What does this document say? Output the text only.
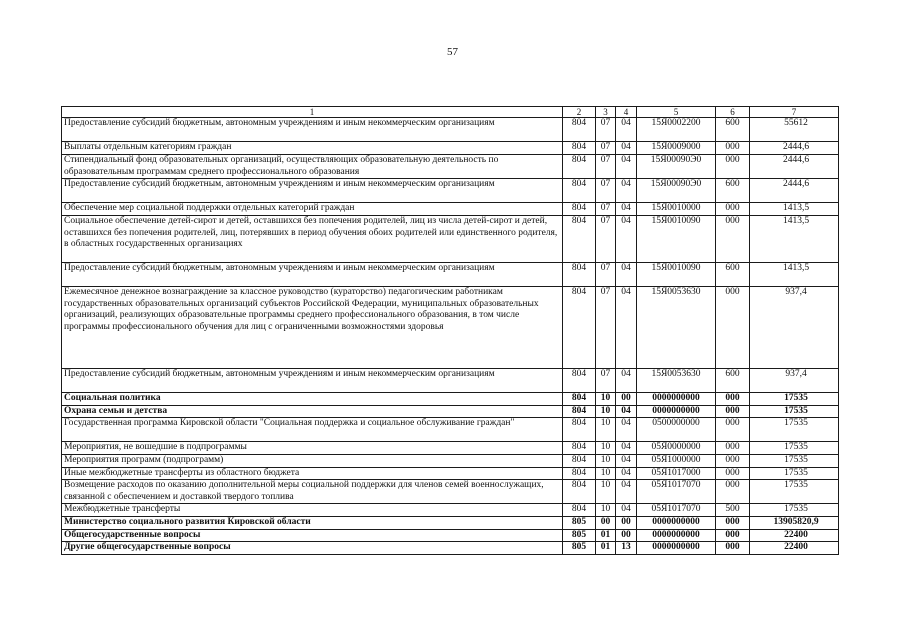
57
1	2	3	4	5	6	7
Предоставление субсидий бюджетным, автономным учреждениям и иным некоммерческим организациям	804	07	04	15Я0002200	600	55612
Выплаты отдельным категориям граждан	804	07	04	15Я0009000	000	2444,6
Стипендиальный фонд образовательных организаций, осуществляющих образовательную деятельность по образовательным программам среднего профессионального образования	804	07	04	15Я00090Э0	000	2444,6
Предоставление субсидий бюджетным, автономным учреждениям и иным некоммерческим организациям	804	07	04	15Я00090Э0	600	2444,6
Обеспечение мер социальной поддержки отдельных категорий граждан	804	07	04	15Я0010000	000	1413,5
Социальное обеспечение детей-сирот и детей, оставшихся без попечения родителей, лиц из числа детей-сирот и детей, оставшихся без попечения родителей, лиц, потерявших в период обучения обоих родителей или единственного родителя, в областных государственных организациях	804	07	04	15Я0010090	000	1413,5
Предоставление субсидий бюджетным, автономным учреждениям и иным некоммерческим организациям	804	07	04	15Я0010090	600	1413,5
Ежемесячное денежное вознаграждение за классное руководство (кураторство) педагогическим работникам государственных образовательных организаций субъектов Российской Федерации, муниципальных образовательных организаций, реализующих образовательные программы среднего профессионального образования, в том числе программы профессионального обучения для лиц с ограниченными возможностями здоровья	804	07	04	15Я0053630	000	937,4
Предоставление субсидий бюджетным, автономным учреждениям и иным некоммерческим организациям	804	07	04	15Я0053630	600	937,4
Социальная политика	804	10	00	0000000000	000	17535
Охрана семьи и детства	804	10	04	0000000000	000	17535
Государственная программа Кировской области "Социальная поддержка и социальное обслуживание граждан"	804	10	04	0500000000	000	17535
Мероприятия, не вошедшие в подпрограммы	804	10	04	05Я0000000	000	17535
Мероприятия программ (подпрограмм)	804	10	04	05Я1000000	000	17535
Иные межбюджетные трансферты из областного бюджета	804	10	04	05Я1017000	000	17535
Возмещение расходов по оказанию дополнительной меры социальной поддержки для членов семей военнослужащих, связанной с обеспечением и доставкой твердого топлива	804	10	04	05Я1017070	000	17535
Межбюджетные трансферты	804	10	04	05Я1017070	500	17535
Министерство социального развития Кировской области	805	00	00	0000000000	000	13905820,9
Общегосударственные вопросы	805	01	00	0000000000	000	22400
Другие общегосударственные вопросы	805	01	13	0000000000	000	22400
